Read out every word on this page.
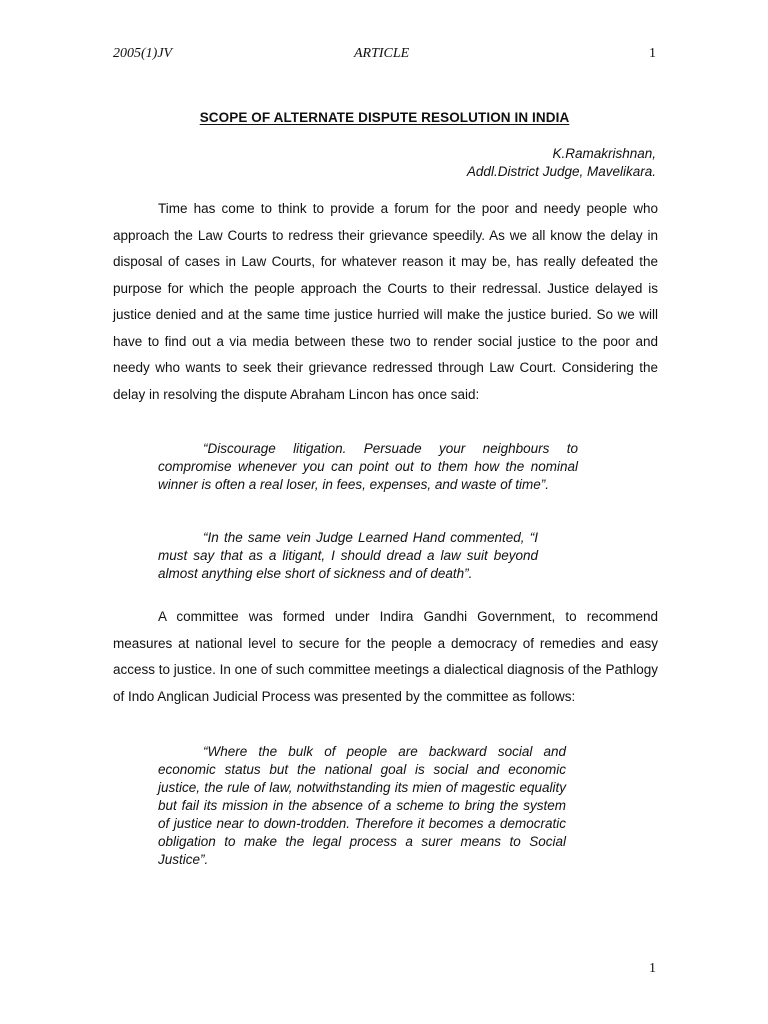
2005(1)JV	ARTICLE	1
SCOPE OF ALTERNATE DISPUTE RESOLUTION IN INDIA
K.Ramakrishnan,
Addl.District Judge, Mavelikara.

Time has come to think to provide a forum for the poor and needy people who approach the Law Courts to redress their grievance speedily. As we all know the delay in disposal of cases in Law Courts, for whatever reason it may be, has really defeated the purpose for which the people approach the Courts to their redressal. Justice delayed is justice denied and at the same time justice hurried will make the justice buried. So we will have to find out a via media between these two to render social justice to the poor and needy who wants to seek their grievance redressed through Law Court. Considering the delay in resolving the dispute Abraham Lincon has once said:

“Discourage litigation. Persuade your neighbours to compromise whenever you can point out to them how the nominal winner is often a real loser, in fees, expenses, and waste of time”.

“In the same vein Judge Learned Hand commented, “I must say that as a litigant, I should dread a law suit beyond almost anything else short of sickness and of death”.

A committee was formed under Indira Gandhi Government, to recommend measures at national level to secure for the people a democracy of remedies and easy access to justice. In one of such committee meetings a dialectical diagnosis of the Pathlogy of Indo Anglican Judicial Process was presented by the committee as follows:

“Where the bulk of people are backward social and economic status but the national goal is social and economic justice, the rule of law, notwithstanding its mien of magestic equality but fail its mission in the absence of a scheme to bring the system of justice near to down-trodden. Therefore it becomes a democratic obligation to make the legal process a surer means to Social Justice”.

1
